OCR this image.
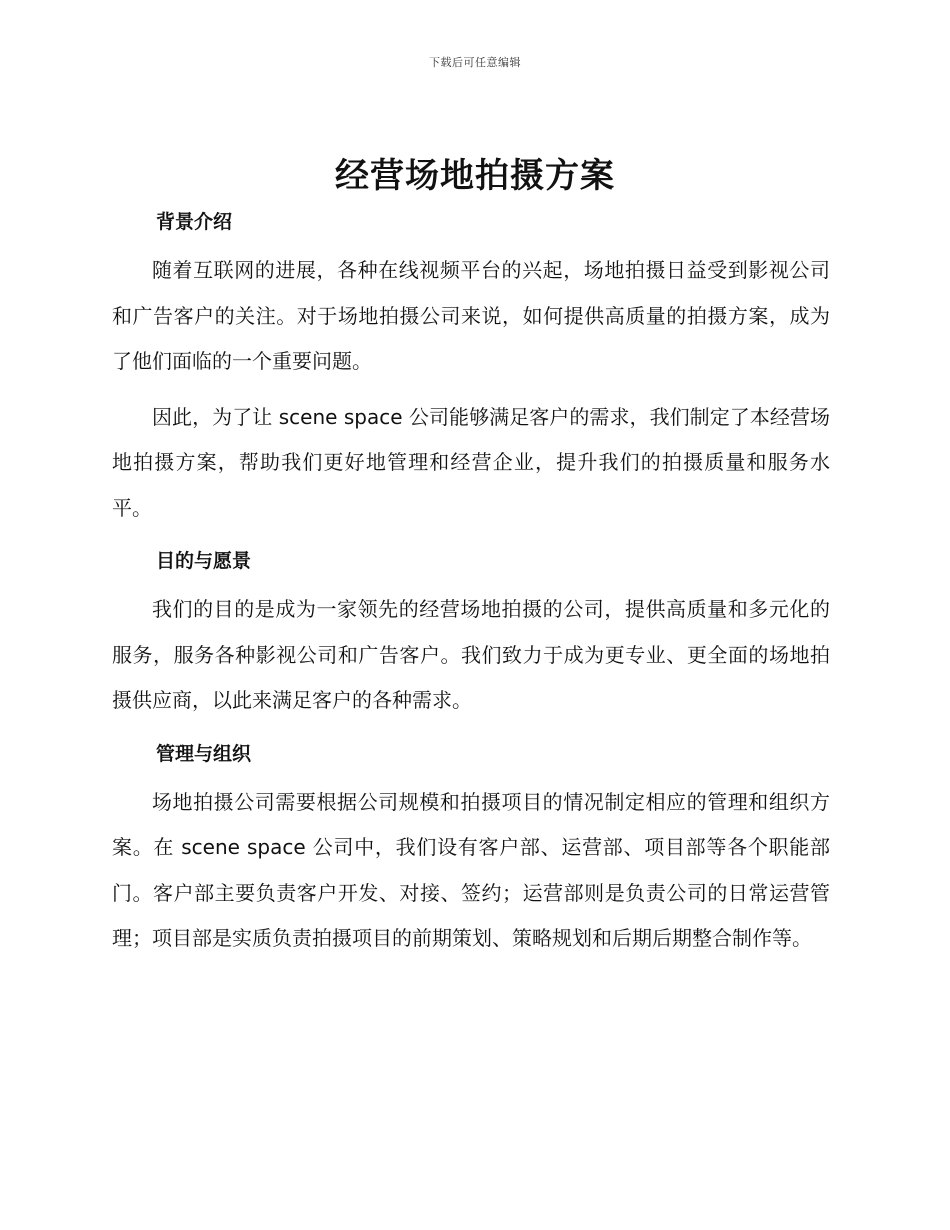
下载后可任意编辑
经营场地拍摄方案
背景介绍

随着互联网的进展，各种在线视频平台的兴起，场地拍摄日益受到影视公司和广告客户的关注。对于场地拍摄公司来说，如何提供高质量的拍摄方案，成为了他们面临的一个重要问题。

因此，为了让 scene space 公司能够满足客户的需求，我们制定了本经营场地拍摄方案，帮助我们更好地管理和经营企业，提升我们的拍摄质量和服务水平。

目的与愿景

我们的目的是成为一家领先的经营场地拍摄的公司，提供高质量和多元化的服务，服务各种影视公司和广告客户。我们致力于成为更专业、更全面的场地拍摄供应商，以此来满足客户的各种需求。

管理与组织

场地拍摄公司需要根据公司规模和拍摄项目的情况制定相应的管理和组织方案。在 scene space 公司中，我们设有客户部、运营部、项目部等各个职能部门。客户部主要负责客户开发、对接、签约；运营部则是负责公司的日常运营管理；项目部是实质负责拍摄项目的前期策划、策略规划和后期后期整合制作等。
